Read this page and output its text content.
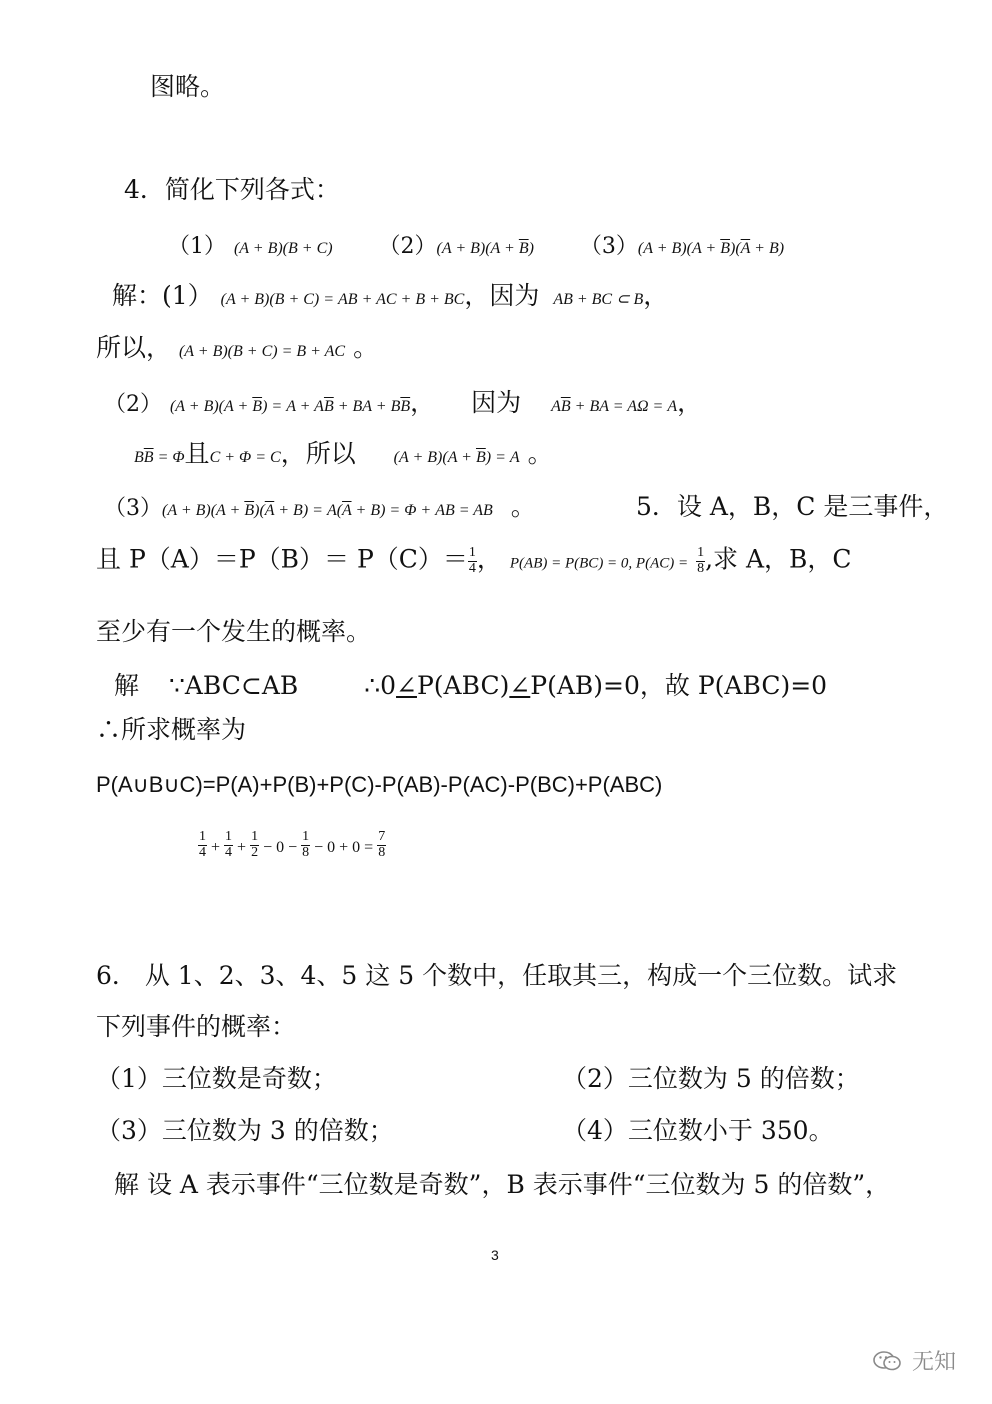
图略。
4．简化下列各式：
（1） (A + B)(B + C) $(2)(A + B)(A + \overline{B})$ $(3)(A + B)(A + \overline{B})(\overline{A} + B)$
解：(1） (A + B)(B + C) = AB + AC + B + BC，因为 AB + BC ⊂ B，
所以， (A + B)(B + C) = B + AC 。
（2） $(A + B)(A + \overline{B}) = A + A\overline{B}$ + BA + $B\overline{B}$， 因为 $A\overline{B}$ + BA = AΩ = A，
$B\overline{B} = \Phi$且C + Φ = C，所以 $(A + B)(A + \overline{B}) = A$ 。
$(3)(A + B)(A + \overline{B})(\overline{A} + B) = A(\overline{A} + B) = \Phi$ + AB = AB 。	5．设 A，B，C 是三事件，
且 $P(A)=P(B)= P(C)= \frac{1}{4}$ ， P(AB) = P(BC) = 0, $P(AC) = \frac{1}{8}$ ,求 A，B，C
至少有一个发生的概率。
解 ∵ABC⊂AB	∴0∠P(ABC)∠P(AB)=0，故 P(ABC)=0
∴所求概率为
P(A∪B∪C)=P(A)+P(B)+P(C)-P(AB)-P(AC)-P(BC)+P(ABC)
$\frac{1}{4} + \frac{1}{4} + \frac{1}{2} - 0 - \frac{1}{8} - 0 + 0 = \frac{7}{8}$
6． 从 1、2、3、4、5 这 5 个数中，任取其三，构成一个三位数。试求
下列事件的概率：
（1）三位数是奇数；	（2）三位数为 5 的倍数；
（3）三位数为 3 的倍数；	（4）三位数小于 350。
解 设 A 表示事件“三位数是奇数”，B 表示事件“三位数为 5 的倍数”，
3
无知
